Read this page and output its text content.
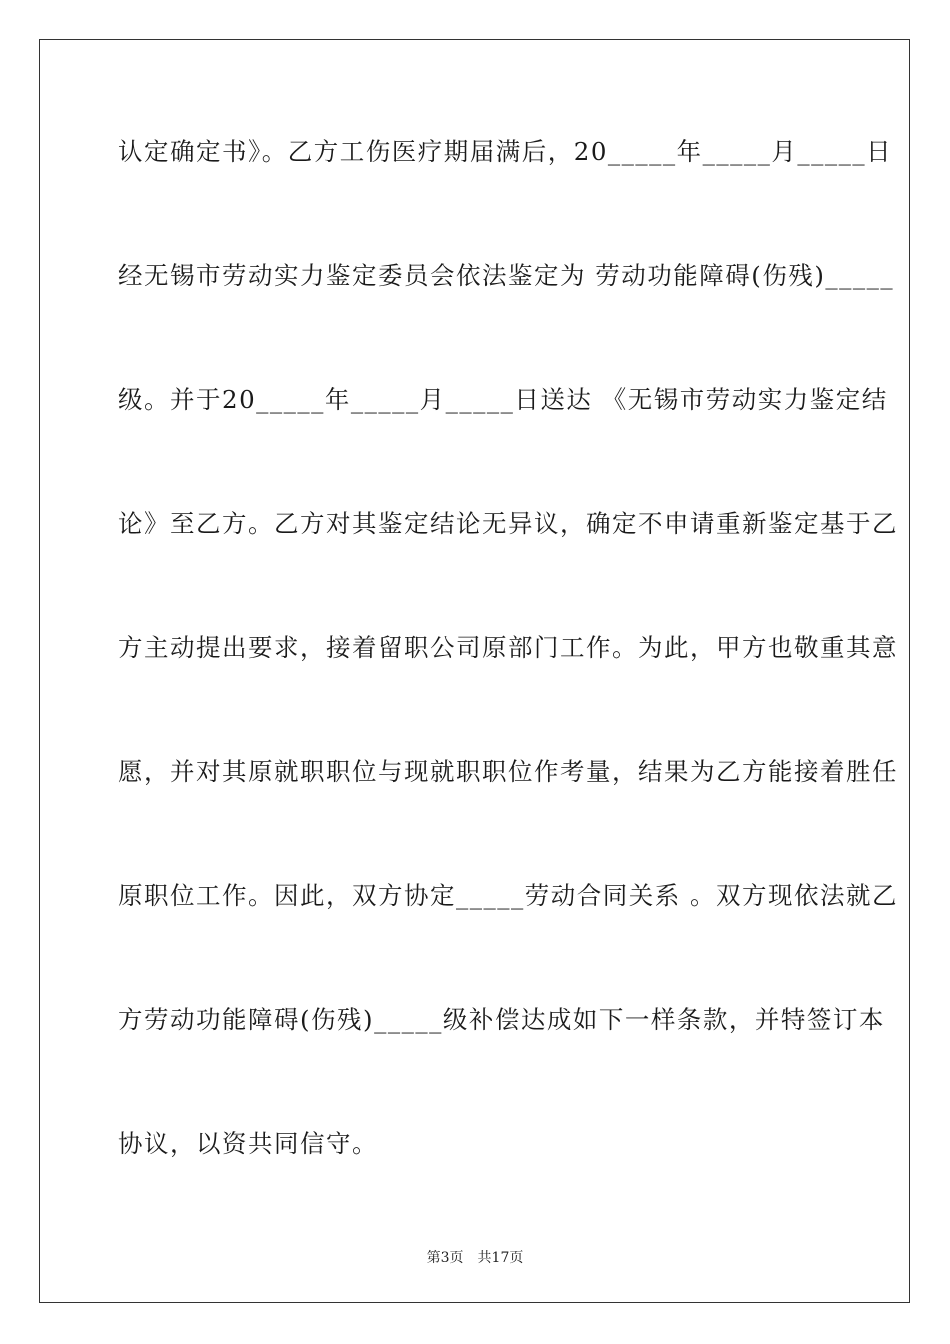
认定确定书》。乙方工伤医疗期届满后，20_____年_____月_____日
经无锡市劳动实力鉴定委员会依法鉴定为 劳动功能障碍(伤残)_____
级。并于20_____年_____月_____日送达 《无锡市劳动实力鉴定结
论》至乙方。乙方对其鉴定结论无异议，确定不申请重新鉴定基于乙
方主动提出要求，接着留职公司原部门工作。为此，甲方也敬重其意
愿，并对其原就职职位与现就职职位作考量，结果为乙方能接着胜任
原职位工作。因此，双方协定_____劳动合同关系 。双方现依法就乙
方劳动功能障碍(伤残)_____级补偿达成如下一样条款，并特签订本
协议，以资共同信守。
第3页　共17页
